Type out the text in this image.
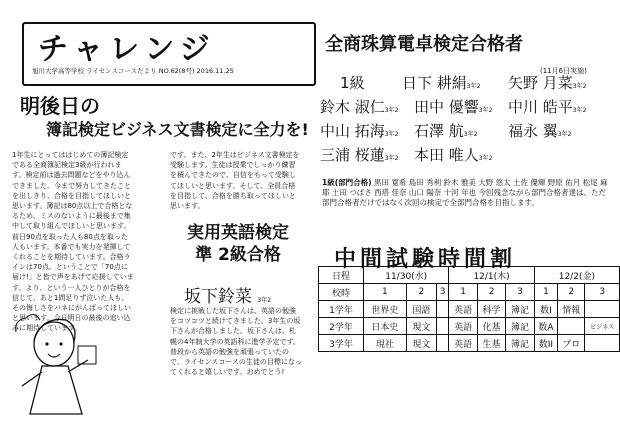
チャレンジ
旭川大学高等学校 ライセンスコースだより NO.62(8号) 2016.11.25
明後日の
簿記検定ビジネス文書検定に全力を!
1年生にとってははじめての簿記検定である全商簿記検定3級が行われます。検定前は過去問題などをやり込んできました。今まで努力してきたことを出しきり、合格を目指してほしいと思います。簿記は80点以上で合格となるため、ミスのないように最後まで集中して取り組んでほしいと思います。前日90点を取った人も80点を取った人もいます。本番でも実力を発揮してくれることを期待しています。合格ラインは70点。ということで「70点に届け!」と皆で声をあげて応援しています。より、という一人ひとりが合格を信じて、あと1問足りず泣いた人も、その悔しさをバネにがんばってほしいと思います。今日明日の最後の追い込みに期待しています。
です。また、2年生はビジネス文書検定を受験します。生徒は授業でしっかり練習を積んできたので、自信をもって受験してほしいと思います。そして、全員合格を目指して、合格を勝ち取ってほしいと思います。
実用英語検定
準 2級合格
坂下鈴菜 3年2
検定に挑戦した坂下さんは、英語の勉強をコツコツと続けてきました。3年生の坂下さんが合格しました。坂下さんは、札幌の4年制大学の英語科に進学予定です。普段から英語の勉強を頑張っていたので、ライセンスコースの生徒の目標になってくれると嬉しいです。おめでとう!
全商珠算電卓検定合格者
(11月6日実施)
1級 日下 耕絹3年2 矢野 月菜3年2
鈴木 淑仁3年2 田中 優響3年2 中川 皓平3年2
中山 拓海3年2 石澤 航3年2 福永 翼3年2
三浦 桜蓮3年2 本田 唯人3年2
1級(部門合格) 黒田 寛希 島田 秀利 鈴木 雅美 大野 悠太 土佐 優輝 野原 佑月 松尾 麻耶 土田 つばさ 西塔 佳奈 山口 陽奈 十河 年也 今回残念ながら部門合格者達は、ただ部門合格者だけではなく次回の検定で全部門合格を目指します。
中間試験時間割
日程	11/30(水)			12/1(木)			12/2(金)		
校時	1	2	3	1	2	3	1	2	3
1学年	世界史	国語		英語	科学	簿記	数I	情報	
2学年	日本史	現文		英語	化基	簿記	数A		ビジネス
3学年	現社	現文		英語	生基	簿記	数II	プロ	
